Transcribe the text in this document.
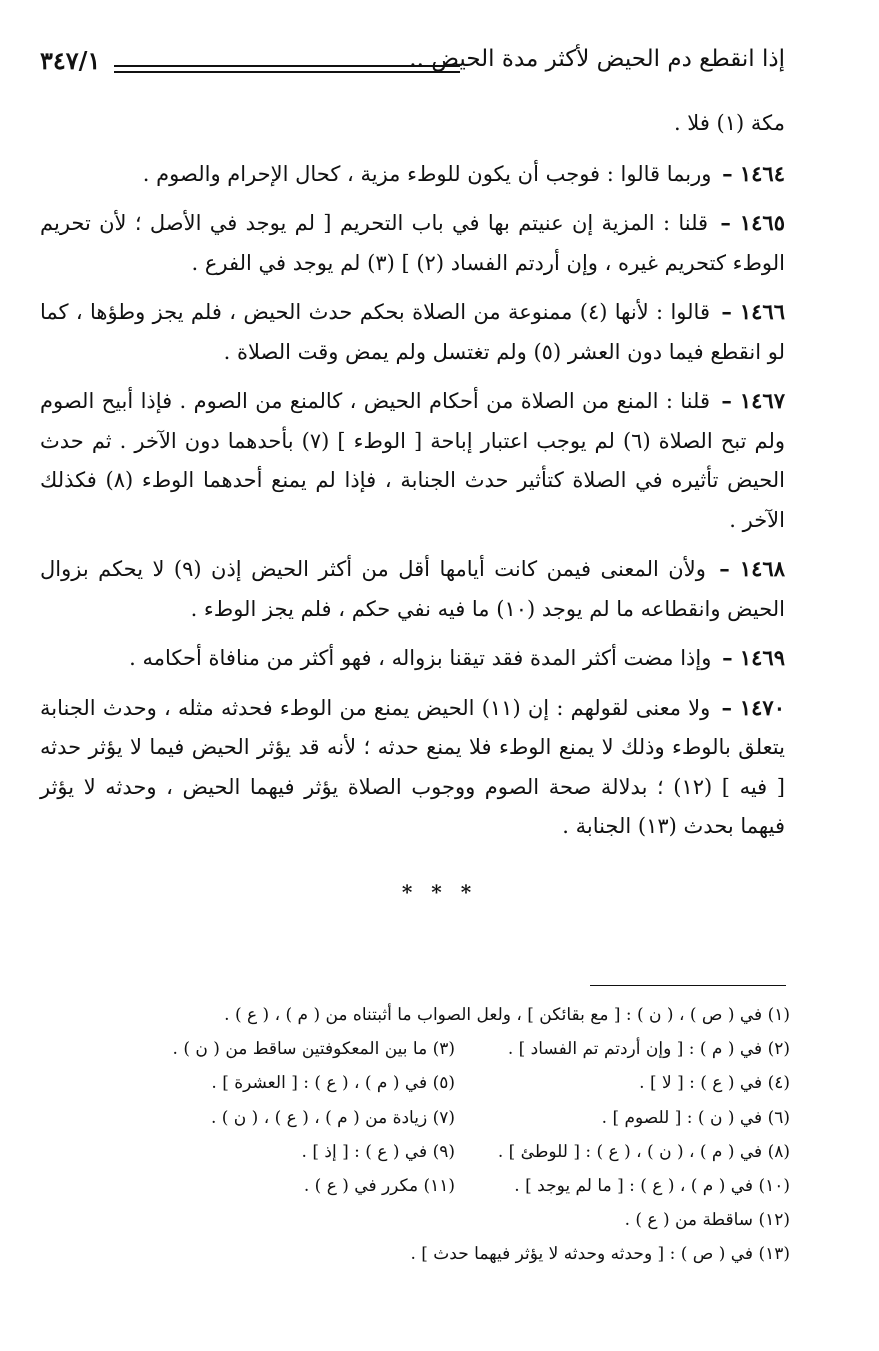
إذا انقطع دم الحيض لأكثر مدة الحيض ..
٣٤٧/١

مكة (١) فلا .

١٤٦٤ – وربما قالوا : فوجب أن يكون للوطء مزية ، كحال الإحرام والصوم .

١٤٦٥ – قلنا : المزية إن عنيتم بها في باب التحريم [ لم يوجد في الأصل ؛ لأن تحريم الوطء كتحريم غيره ، وإن أردتم الفساد (٢) ] (٣) لم يوجد في الفرع .

١٤٦٦ – قالوا : لأنها (٤) ممنوعة من الصلاة بحكم حدث الحيض ، فلم يجز وطؤها ، كما لو انقطع فيما دون العشر (٥) ولم تغتسل ولم يمض وقت الصلاة .

١٤٦٧ – قلنا : المنع من الصلاة من أحكام الحيض ، كالمنع من الصوم . فإذا أبيح الصوم ولم تبح الصلاة (٦) لم يوجب اعتبار إباحة [ الوطء ] (٧) بأحدهما دون الآخر . ثم حدث الحيض تأثيره في الصلاة كتأثير حدث الجنابة ، فإذا لم يمنع أحدهما الوطء (٨) فكذلك الآخر .

١٤٦٨ – ولأن المعنى فيمن كانت أيامها أقل من أكثر الحيض إذن (٩) لا يحكم بزوال الحيض وانقطاعه ما لم يوجد (١٠) ما فيه نفي حكم ، فلم يجز الوطء .

١٤٦٩ – وإذا مضت أكثر المدة فقد تيقنا بزواله ، فهو أكثر من منافاة أحكامه .

١٤٧٠ – ولا معنى لقولهم : إن (١١) الحيض يمنع من الوطء فحدثه مثله ، وحدث الجنابة يتعلق بالوطء وذلك لا يمنع الوطء فلا يمنع حدثه ؛ لأنه قد يؤثر الحيض فيما لا يؤثر حدثه [ فيه ] (١٢) ؛ بدلالة صحة الصوم ووجوب الصلاة يؤثر فيهما الحيض ، وحدثه لا يؤثر فيهما بحدث (١٣) الجنابة .

* * *
(١) في ( ص ) ، ( ن ) : [ مع بقائكن ] ، ولعل الصواب ما أثبتناه من ( م ) ، ( ع ) .
(٢) في ( م ) : [ وإن أردتم تم الفساد ] .
(٣) ما بين المعكوفتين ساقط من ( ن ) .
(٤) في ( ع ) : [ لا ] .
(٥) في ( م ) ، ( ع ) : [ العشرة ] .
(٦) في ( ن ) : [ للصوم ] .
(٧) زيادة من ( م ) ، ( ع ) ، ( ن ) .
(٨) في ( م ) ، ( ن ) ، ( ع ) : [ للوطئ ] .
(٩) في ( ع ) : [ إذ ] .
(١٠) في ( م ) ، ( ع ) : [ ما لم يوجد ] .
(١١) مكرر في ( ع ) .
(١٢) ساقطة من ( ع ) .
(١٣) في ( ص ) : [ وحدثه وحدثه لا يؤثر فيهما حدث ] .
